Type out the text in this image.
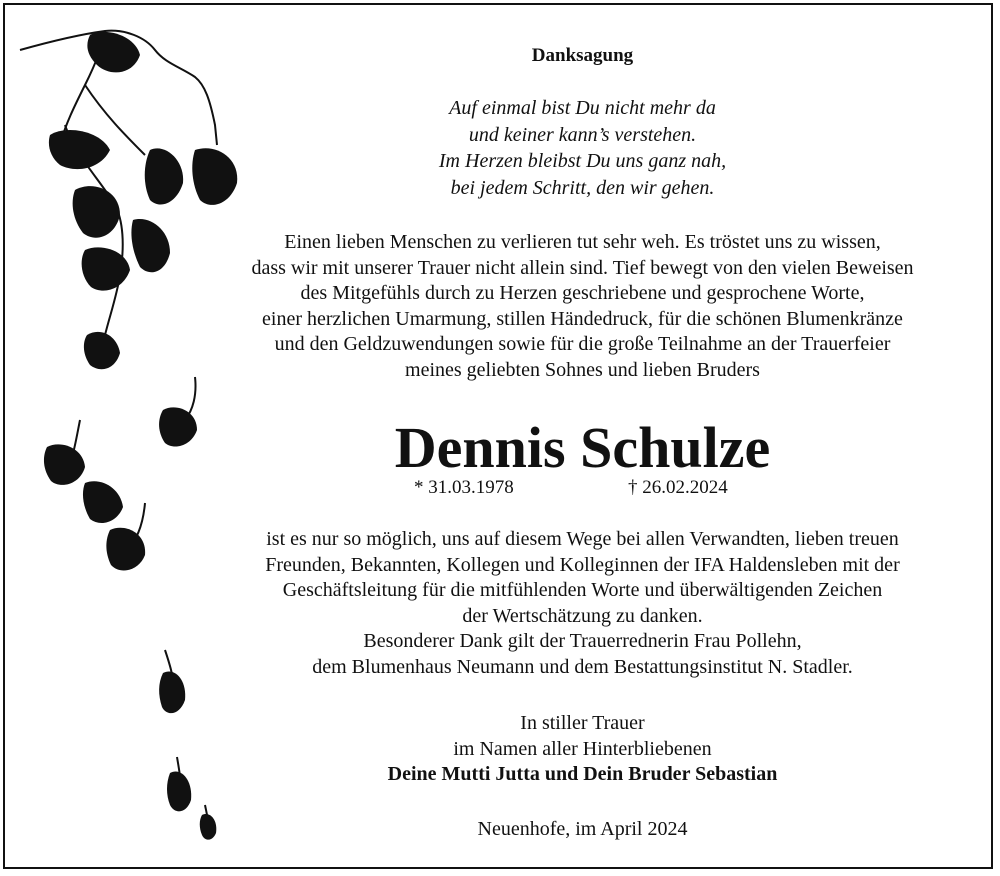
Danksagung
Auf einmal bist Du nicht mehr da
und keiner kann’s verstehen.
Im Herzen bleibst Du uns ganz nah,
bei jedem Schritt, den wir gehen.
Einen lieben Menschen zu verlieren tut sehr weh. Es tröstet uns zu wissen,
dass wir mit unserer Trauer nicht allein sind. Tief bewegt von den vielen Beweisen
des Mitgefühls durch zu Herzen geschriebene und gesprochene Worte,
einer herzlichen Umarmung, stillen Händedruck, für die schönen Blumenkränze
und den Geldzuwendungen sowie für die große Teilnahme an der Trauerfeier
meines geliebten Sohnes und lieben Bruders
Dennis Schulze
* 31.03.1978	† 26.02.2024
ist es nur so möglich, uns auf diesem Wege bei allen Verwandten, lieben treuen
Freunden, Bekannten, Kollegen und Kolleginnen der IFA Haldensleben mit der
Geschäftsleitung für die mitfühlenden Worte und überwältigenden Zeichen
der Wertschätzung zu danken.
Besonderer Dank gilt der Trauerrednerin Frau Pollehn,
dem Blumenhaus Neumann und dem Bestattungsinstitut N. Stadler.
In stiller Trauer
im Namen aller Hinterbliebenen
Deine Mutti Jutta und Dein Bruder Sebastian
Neuenhofe, im April 2024
